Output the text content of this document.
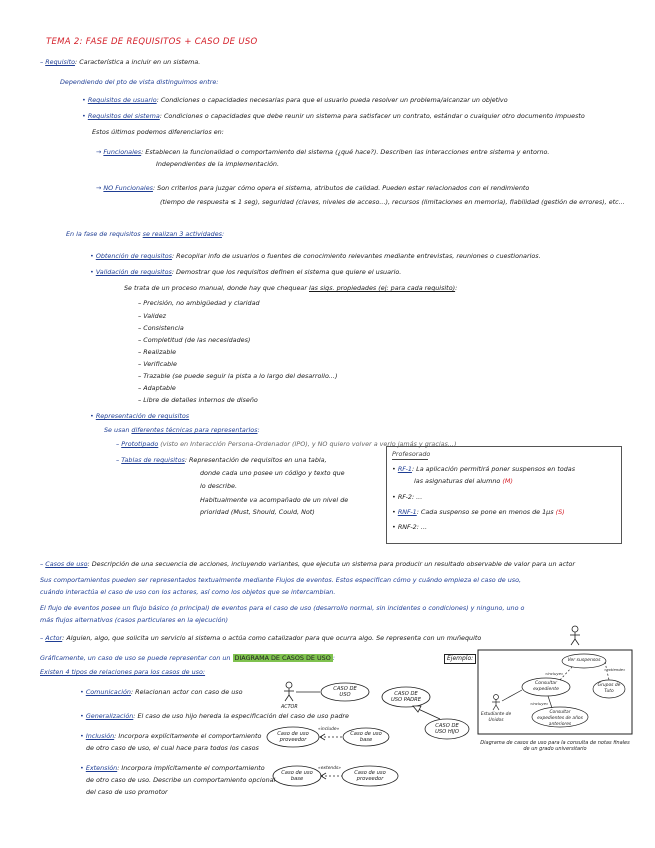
TEMA 2: FASE DE REQUISITOS + CASO DE USO
– Requisito: Característica a incluir en un sistema.
Dependiendo del pto de vista distinguimos entre:
• Requisitos de usuario: Condiciones o capacidades necesarias para que el usuario pueda resolver un problema/alcanzar un objetivo
• Requisitos del sistema: Condiciones o capacidades que debe reunir un sistema para satisfacer un contrato, estándar o cualquier otro documento impuesto
Estos últimos podemos diferenciarlos en:
→ Funcionales: Establecen la funcionalidad o comportamiento del sistema (¿qué hace?). Describen las interacciones entre sistema y entorno.
Independientes de la implementación.
→ NO Funcionales: Son criterios para juzgar cómo opera el sistema, atributos de calidad. Pueden estar relacionados con el rendimiento
(tiempo de respuesta ≤ 1 seg), seguridad (claves, niveles de acceso...), recursos (limitaciones en memoria), fiabilidad (gestión de errores), etc...
En la fase de requisitos se realizan 3 actividades:
• Obtención de requisitos: Recopilar info de usuarios o fuentes de conocimiento relevantes mediante entrevistas, reuniones o cuestionarios.
• Validación de requisitos: Demostrar que los requisitos definen el sistema que quiere el usuario.
Se trata de un proceso manual, donde hay que chequear las sigs. propiedades (ej: para cada requisito):
– Precisión, no ambigüedad y claridad
– Validez
– Consistencia
– Completitud (de las necesidades)
– Realizable
– Verificable
– Trazable (se puede seguir la pista a lo largo del desarrollo...)
– Adaptable
– Libre de detalles internos de diseño
• Representación de requisitos
Se usan diferentes técnicas para representarlos:
– Prototipado (visto en Interacción Persona-Ordenador (IPO), y NO quiero volver a verlo jamás y gracias...)
– Tablas de requisitos: Representación de requisitos en una tabla,
donde cada uno posee un código y texto que
lo describe.
Habitualmente va acompañado de un nivel de
prioridad (Must, Should, Could, Not)
Profesorado
• RF-1: La aplicación permitirá poner suspensos en todas
las asignaturas del alumno (M)
• RF-2: ...
• RNF-1: Cada suspenso se pone en menos de 1μs (S)
• RNF-2: ...
– Casos de uso: Descripción de una secuencia de acciones, incluyendo variantes, que ejecuta un sistema para producir un resultado observable de valor para un actor
Sus comportamientos pueden ser representados textualmente mediante Flujos de eventos. Estos especifican cómo y cuándo empieza el caso de uso,
cuándo interactúa el caso de uso con los actores, así como los objetos que se intercambian.
El flujo de eventos posee un flujo básico (o principal) de eventos para el caso de uso (desarrollo normal, sin incidentes o condiciones) y ninguno, uno o
más flujos alternativos (casos particulares en la ejecución)
– Actor: Alguien, algo, que solicita un servicio al sistema o actúa como catalizador para que ocurra algo. Se representa con un muñequito
Gráficamente, un caso de uso se puede representar con un DIAGRAMA DE CASOS DE USO :
Existen 4 tipos de relaciones para los casos de uso:
• Comunicación: Relacionan actor con caso de uso
• Generalización: El caso de uso hijo hereda la especificación del caso de uso padre
• Inclusión: Incorpora explícitamente el comportamiento
de otro caso de uso, el cual hace para todos los casos
• Extensión: Incorpora implícitamente el comportamiento
de otro caso de uso. Describe un comportamiento opcional
del caso de uso promotor
ACTOR
CASO DE USO	CASO DE USO PADRE
CASO DE USO HIJO
Caso de uso proveedor
Caso de uso base
«include»
Caso de uso base
Caso de uso proveedor
«extends»
Ejemplo:	Ver suspensos
Consultar expediente
Grupos de Tuto
Estudiante de Unidos
Consultar expedientes de años anteriores
«incluye»
«extiende»
«incluye»
Diagrama de casos de uso para la consulta de notas finales de un grado universitario
